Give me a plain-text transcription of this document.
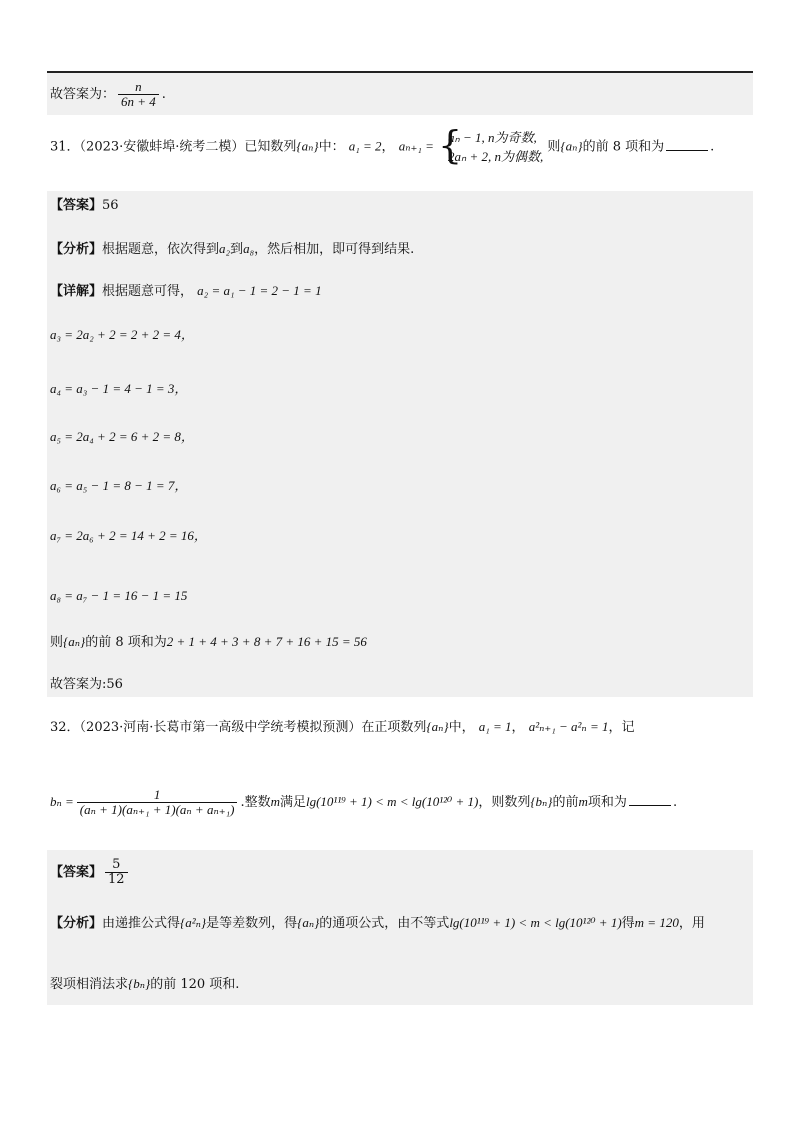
故答案为： $\frac{n}{6n + 4}$ .
31．（2023·安徽蚌埠·统考二模）已知数列{aₙ}中： a₁ = 2， aₙ₊₁ = {
aₙ − 1, n为奇数,
2aₙ + 2, n为偶数,
则{aₙ}的前 8 项和为	.
【答案】56
【分析】根据题意，依次得到a₂到a₈，然后相加，即可得到结果.
【详解】根据题意可得， a₂ = a₁ − 1 = 2 − 1 = 1
a₃ = 2a₂ + 2 = 2 + 2 = 4，
a₄ = a₃ − 1 = 4 − 1 = 3，
a₅ = 2a₄ + 2 = 6 + 2 = 8，
a₆ = a₅ − 1 = 8 − 1 = 7，
a₇ = 2a₆ + 2 = 14 + 2 = 16，
a₈ = a₇ − 1 = 16 − 1 = 15
则{aₙ}的前 8 项和为2 + 1 + 4 + 3 + 8 + 7 + 16 + 15 = 56
故答案为:56
32．（2023·河南·长葛市第一高级中学统考模拟预测）在正项数列{aₙ}中， a₁ = 1， a²ₙ₊₁ − a²ₙ = 1，记
$b_n = \frac{1}{\text{(aₙ + 1)(aₙ₊₁ + 1)(aₙ + aₙ₊₁)}}$ .整数m满足lg(10¹¹⁹ + 1) < m < lg(10¹²⁰ + 1)，则数列{bₙ}的前m项和为	.
【答案】 $\frac{5}{12}$
【分析】由递推公式得{a²ₙ}是等差数列，得{aₙ}的通项公式，由不等式lg(10¹¹⁹ + 1) < m < lg(10¹²⁰ + 1)得m = 120，用
裂项相消法求{bₙ}的前 120 项和.
